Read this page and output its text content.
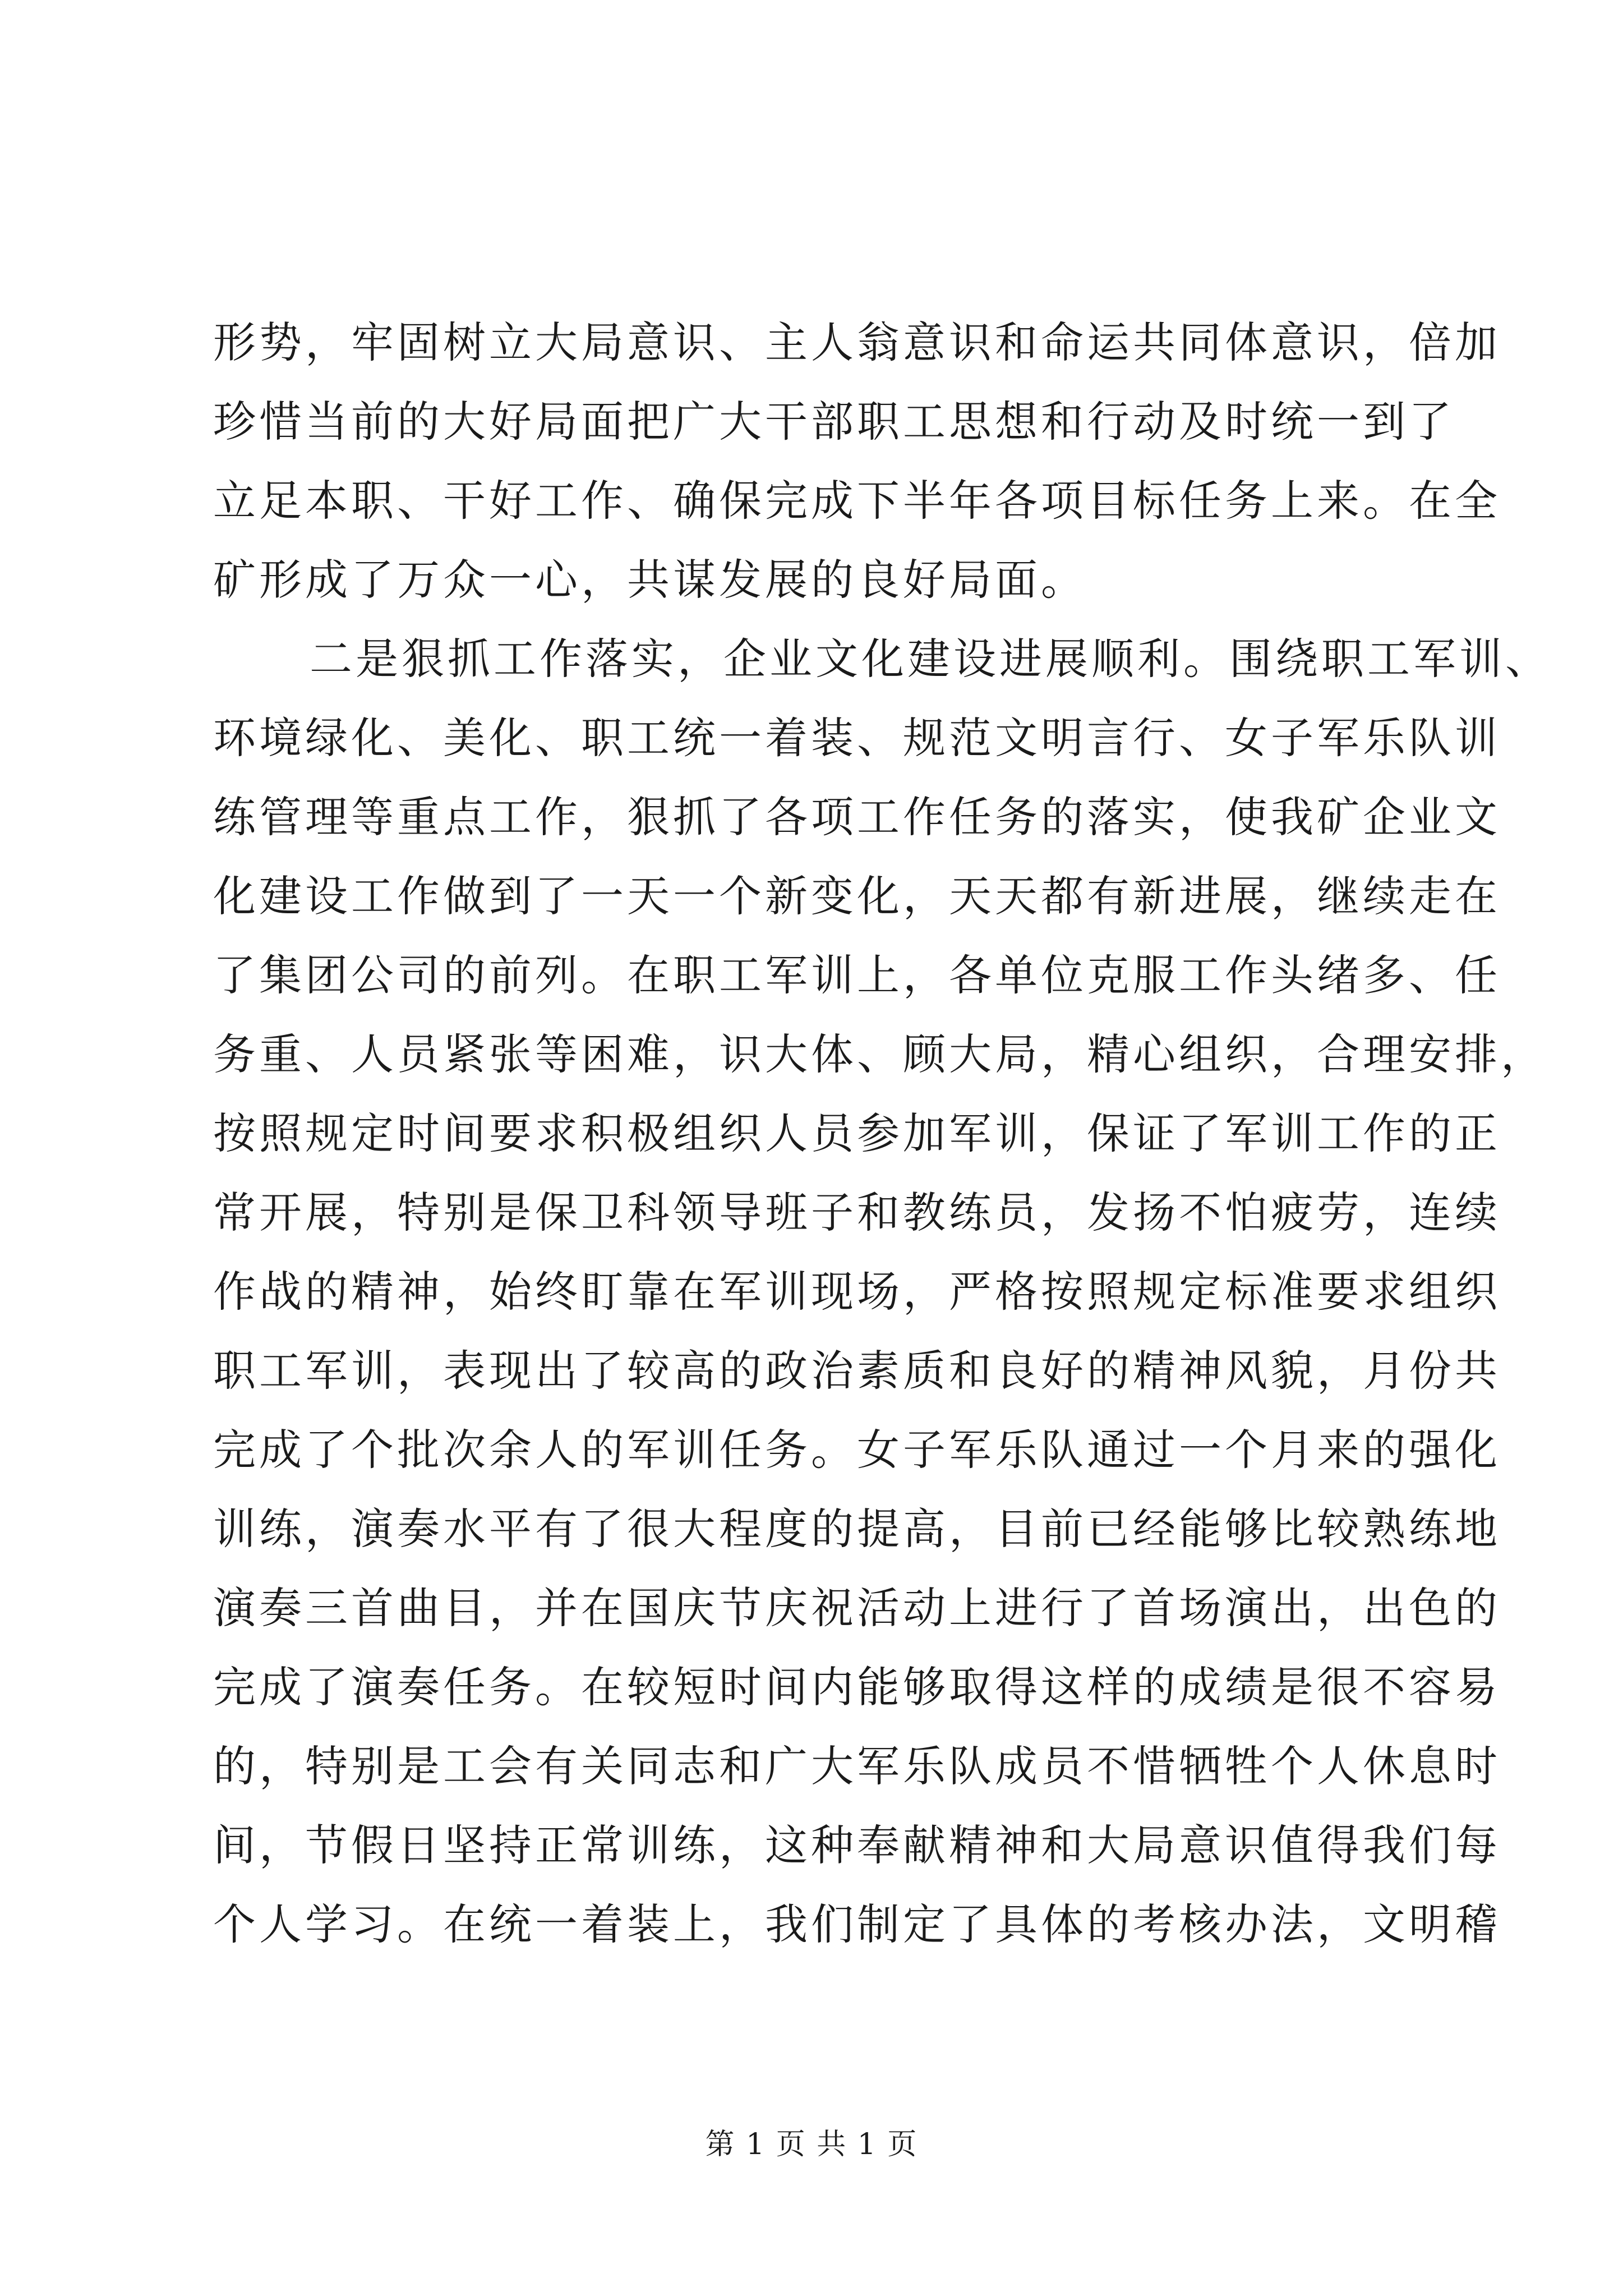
形势，牢固树立大局意识、主人翁意识和命运共同体意识，倍加
珍惜当前的大好局面把广大干部职工思想和行动及时统一到了
立足本职、干好工作、确保完成下半年各项目标任务上来。在全
矿形成了万众一心，共谋发展的良好局面。
二是狠抓工作落实，企业文化建设进展顺利。围绕职工军训、
环境绿化、美化、职工统一着装、规范文明言行、女子军乐队训
练管理等重点工作，狠抓了各项工作任务的落实，使我矿企业文
化建设工作做到了一天一个新变化，天天都有新进展，继续走在
了集团公司的前列。在职工军训上，各单位克服工作头绪多、任
务重、人员紧张等困难，识大体、顾大局，精心组织，合理安排，
按照规定时间要求积极组织人员参加军训，保证了军训工作的正
常开展，特别是保卫科领导班子和教练员，发扬不怕疲劳，连续
作战的精神，始终盯靠在军训现场，严格按照规定标准要求组织
职工军训，表现出了较高的政治素质和良好的精神风貌，月份共
完成了个批次余人的军训任务。女子军乐队通过一个月来的强化
训练，演奏水平有了很大程度的提高，目前已经能够比较熟练地
演奏三首曲目，并在国庆节庆祝活动上进行了首场演出，出色的
完成了演奏任务。在较短时间内能够取得这样的成绩是很不容易
的，特别是工会有关同志和广大军乐队成员不惜牺牲个人休息时
间，节假日坚持正常训练，这种奉献精神和大局意识值得我们每
个人学习。在统一着装上，我们制定了具体的考核办法，文明稽
第 1 页 共 1 页
